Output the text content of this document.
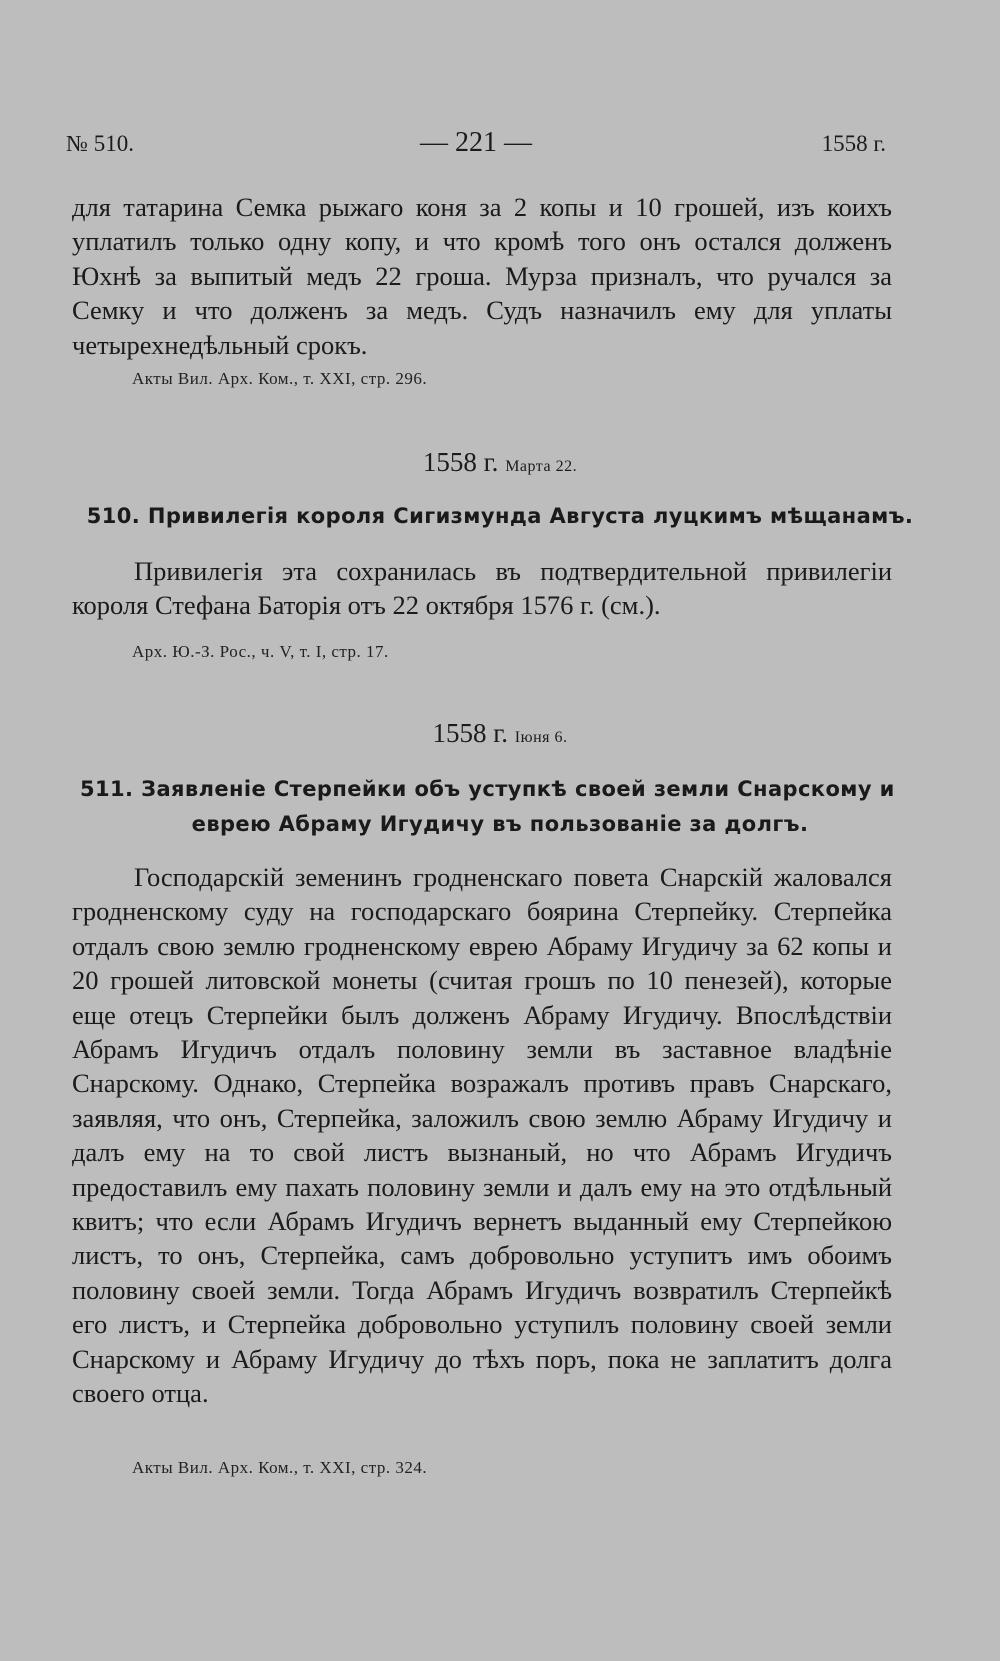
№ 510.	— 221 —	1558 г.

для татарина Семка рыжаго коня за 2 копы и 10 грошей, изъ коихъ уплатилъ только одну копу, и что кромѣ того онъ остался долженъ Юхнѣ за выпитый медъ 22 гроша. Мурза призналъ, что ручался за Семку и что долженъ за медъ. Судъ назначилъ ему для уплаты четырехнедѣльный срокъ.

Акты Вил. Арх. Ком., т. XXI, стр. 296.
1558 г. Марта 22.
510. Привилегія короля Сигизмунда Августа луцкимъ мѣщанамъ.

Привилегія эта сохранилась въ подтвердительной привилегіи короля Стефана Баторія отъ 22 октября 1576 г. (см.).

Арх. Ю.-З. Рос., ч. V, т. I, стр. 17.
1558 г. Іюня 6.
511. Заявленіе Стерпейки объ уступкѣ своей земли Снарскому и
еврею Абраму Игудичу въ пользованіе за долгъ.

Господарскій земенинъ гродненскаго повета Снарскій жаловался гродненскому суду на господарскаго боярина Стерпейку. Стерпейка отдалъ свою землю гродненскому еврею Абраму Игудичу за 62 копы и 20 грошей литовской монеты (считая грошъ по 10 пенезей), которые еще отецъ Стерпейки былъ долженъ Абраму Игудичу. Впослѣдствіи Абрамъ Игудичъ отдалъ половину земли въ заставное владѣніе Снарскому. Однако, Стерпейка возражалъ противъ правъ Снарскаго, заявляя, что онъ, Стерпейка, заложилъ свою землю Абраму Игудичу и далъ ему на то свой листъ вызнаный, но что Абрамъ Игудичъ предоставилъ ему пахать половину земли и далъ ему на это отдѣльный квитъ; что если Абрамъ Игудичъ вернетъ выданный ему Стерпейкою листъ, то онъ, Стерпейка, самъ добровольно уступитъ имъ обоимъ половину своей земли. Тогда Абрамъ Игудичъ возвратилъ Стерпейкѣ его листъ, и Стерпейка добровольно уступилъ половину своей земли Снарскому и Абраму Игудичу до тѣхъ поръ, пока не заплатитъ долга своего отца.

Акты Вил. Арх. Ком., т. XXI, стр. 324.
